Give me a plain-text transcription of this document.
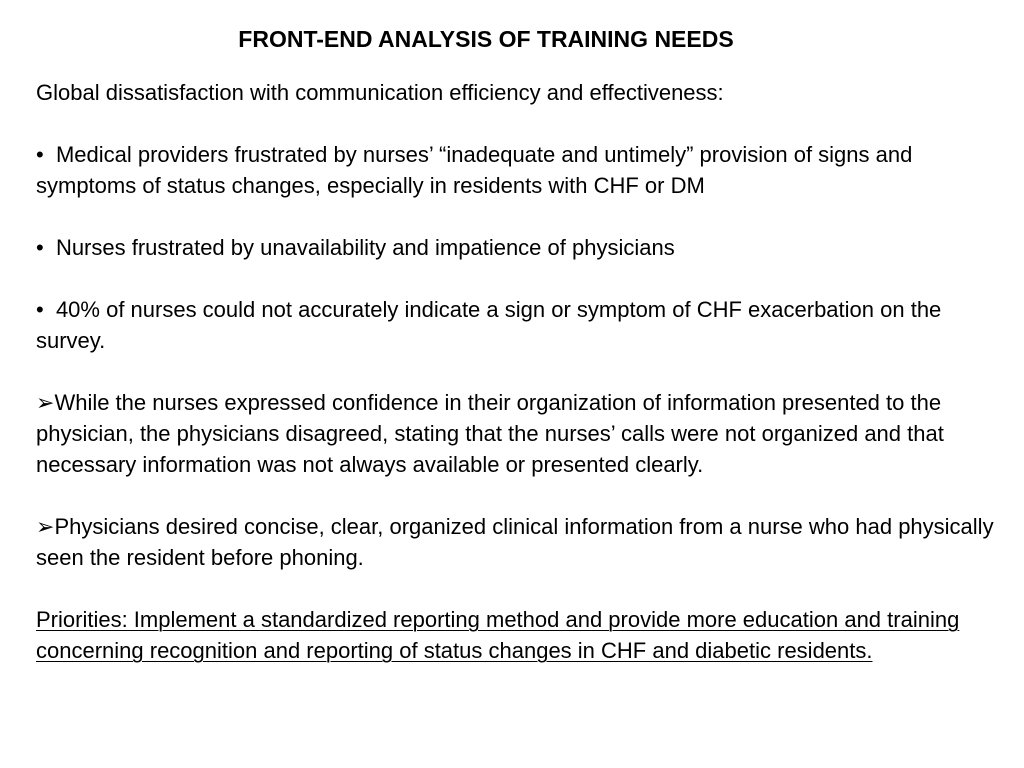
FRONT-END ANALYSIS OF TRAINING NEEDS

Global dissatisfaction with communication efficiency and effectiveness:

• Medical providers frustrated by nurses’ “inadequate and untimely” provision of signs and symptoms of status changes, especially in residents with CHF or DM

• Nurses frustrated by unavailability and impatience of physicians

• 40% of nurses could not accurately indicate a sign or symptom of CHF exacerbation on the survey.

➢While the nurses expressed confidence in their organization of information presented to the physician, the physicians disagreed, stating that the nurses’ calls were not organized and that necessary information was not always available or presented clearly.

➢Physicians desired concise, clear, organized clinical information from a nurse who had physically seen the resident before phoning.

Priorities: Implement a standardized reporting method and provide more education and training concerning recognition and reporting of status changes in CHF and diabetic residents.
